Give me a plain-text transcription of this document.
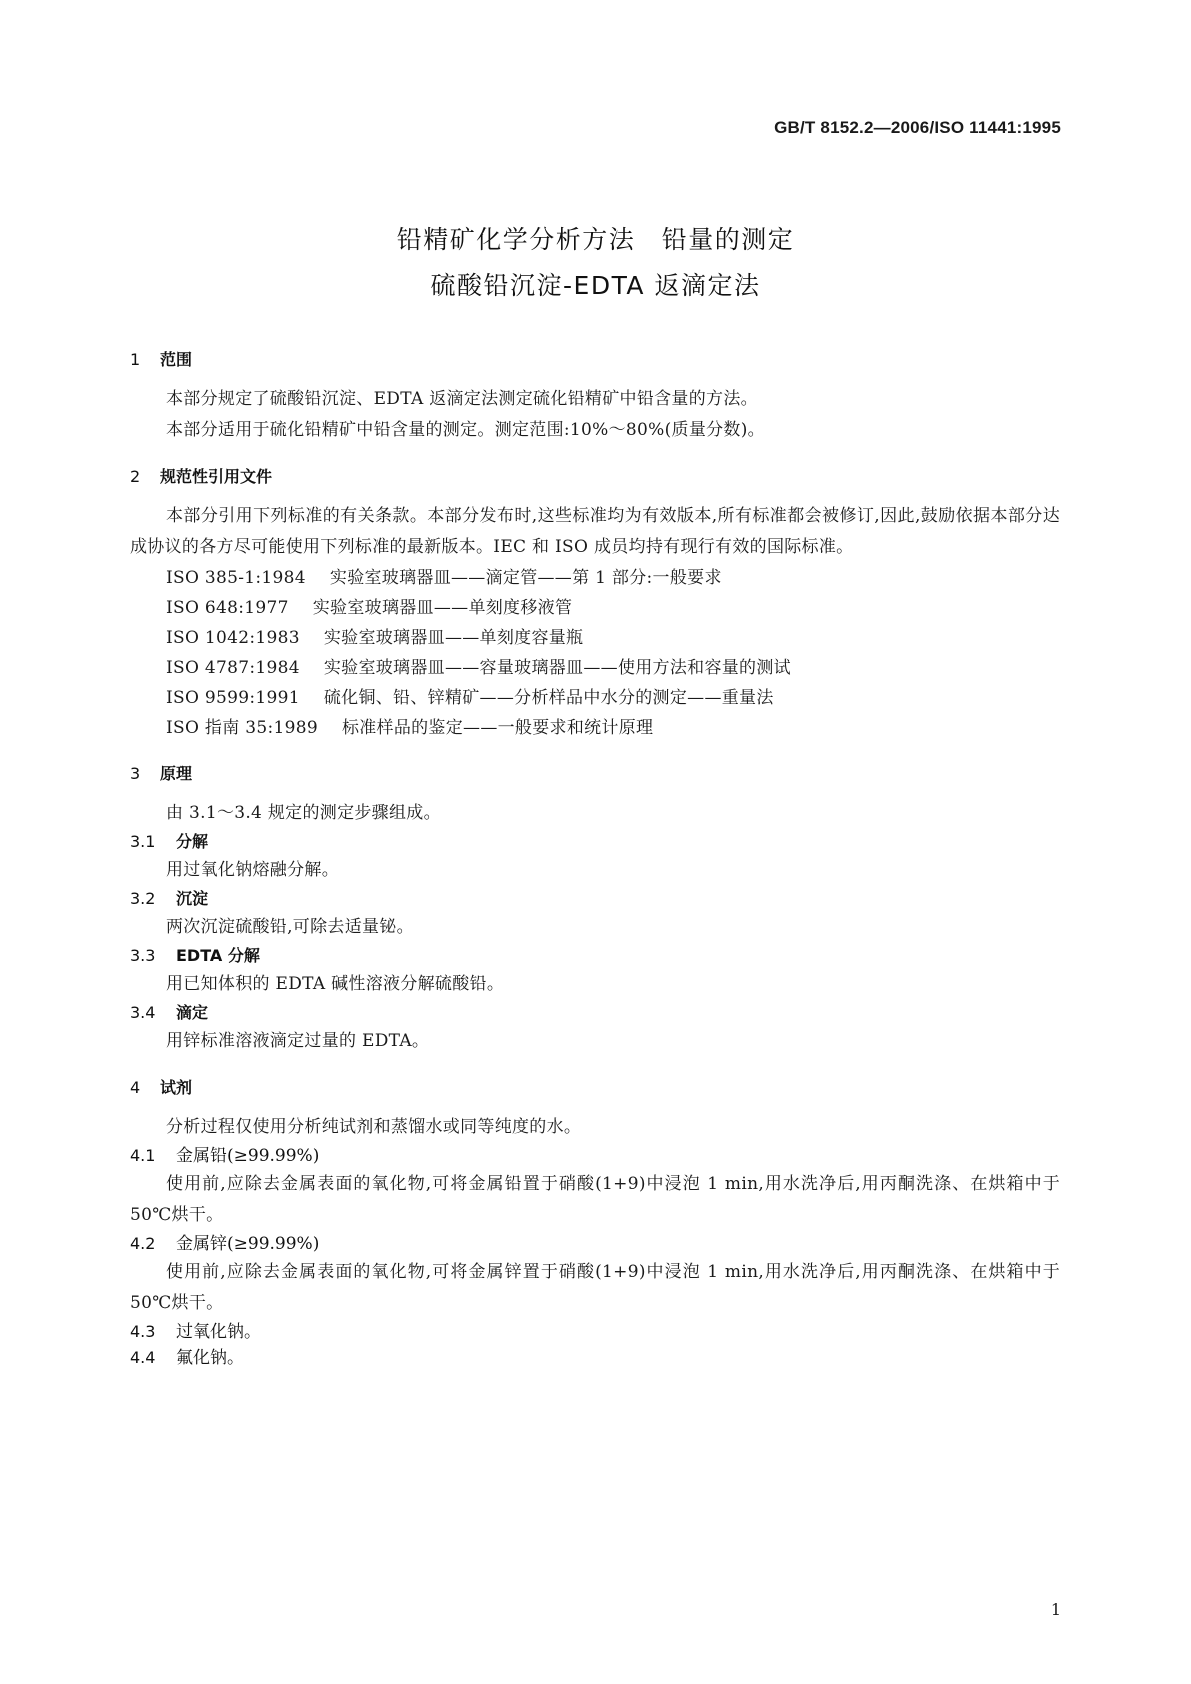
GB/T 8152.2—2006/ISO 11441:1995
铅精矿化学分析方法　铅量的测定
硫酸铅沉淀-EDTA 返滴定法
1 范围
本部分规定了硫酸铅沉淀、EDTA 返滴定法测定硫化铅精矿中铅含量的方法。
本部分适用于硫化铅精矿中铅含量的测定。测定范围:10%～80%(质量分数)。
2 规范性引用文件
本部分引用下列标准的有关条款。本部分发布时,这些标准均为有效版本,所有标准都会被修订,因此,鼓励依据本部分达成协议的各方尽可能使用下列标准的最新版本。IEC 和 ISO 成员均持有现行有效的国际标准。
ISO 385-1:1984 实验室玻璃器皿——滴定管——第 1 部分:一般要求
ISO 648:1977 实验室玻璃器皿——单刻度移液管
ISO 1042:1983 实验室玻璃器皿——单刻度容量瓶
ISO 4787:1984 实验室玻璃器皿——容量玻璃器皿——使用方法和容量的测试
ISO 9599:1991 硫化铜、铅、锌精矿——分析样品中水分的测定——重量法
ISO 指南 35:1989 标准样品的鉴定——一般要求和统计原理
3 原理
由 3.1～3.4 规定的测定步骤组成。
3.1 分解
用过氧化钠熔融分解。
3.2 沉淀
两次沉淀硫酸铅,可除去适量铋。
3.3 EDTA 分解
用已知体积的 EDTA 碱性溶液分解硫酸铅。
3.4 滴定
用锌标准溶液滴定过量的 EDTA。
4 试剂
分析过程仅使用分析纯试剂和蒸馏水或同等纯度的水。
4.1 金属铅(≥99.99%)
使用前,应除去金属表面的氧化物,可将金属铅置于硝酸(1+9)中浸泡 1 min,用水洗净后,用丙酮洗涤、在烘箱中于 50℃烘干。
4.2 金属锌(≥99.99%)
使用前,应除去金属表面的氧化物,可将金属锌置于硝酸(1+9)中浸泡 1 min,用水洗净后,用丙酮洗涤、在烘箱中于 50℃烘干。
4.3 过氧化钠。
4.4 氟化钠。
1
